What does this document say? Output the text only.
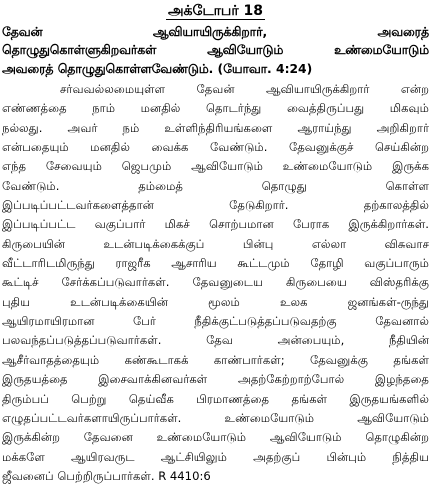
அக்டோபர் 18
தேவன் ஆவியாயிருக்கிறார், அவரைத்
தொழுதுகொள்ளுகிறவர்கள் ஆவியோடும் உண்மையோடும்
அவரைத் தொழுதுகொள்ளவேண்டும். (யோவா. 4:24)
சர்வவல்லமையுள்ள தேவன் ஆவியாயிருக்கிறார் என்ற
எண்ணத்தை நாம் மனதில் தொடர்ந்து வைத்திருப்பது மிகவும்
நல்லது. அவர் நம் உள்ளிந்திரியங்களை ஆராய்ந்து அறிகிறார்
என்பதையும் மனதில் வைக்க வேண்டும். தேவனுக்குச் செய்கின்ற
எந்த சேவையும் ஜெபமும் ஆவியோடும் உண்மையோடும் இருக்க
வேண்டும். தம்மைத் தொழுது கொள்ள
இப்படிப்பட்டவர்களைத்தான் தேடுகிறார். தற்காலத்தில்
இப்படிப்பட்ட வகுப்பார் மிகச் சொற்பமான பேராக இருக்கிறார்கள்.
கிருபையின் உடன்படிக்கைக்குப் பின்பு எல்லா விசுவாச
வீட்டாரிடமிருந்து ராஜரீக ஆசாரிய கூட்டமும் தோழி வகுப்பாரும்
கூட்டிச் சேர்க்கப்படுவார்கள். தேவனுடைய கிருபையை விஸ்தரிக்கு
புதிய உடன்படிக்கையின் மூலம் உலக ஜனங்கள்-ருந்து
ஆயிரமாயிரமான பேர் நீதிக்குட்படுத்தப்படுவதற்கு தேவனால்
பலவந்தப்படுத்தப்படுவார்கள். தேவ அன்பையும், நீதியின்
ஆசீர்வாதத்தையும் கண்கூடாகக் காண்பார்கள்; தேவனுக்கு தங்கள்
இருதயத்தை இசைவாக்கினவர்கள் அதற்கேற்றாற்போல் இழந்ததை
திரும்பப் பெற்று தெய்வீக பிரமாணத்தை தங்கள் இருதயங்களில்
எழுதப்பட்டவர்களாயிருப்பார்கள். உண்மையோடும் ஆவியோடும்
இருக்கின்ற தேவனை உண்மையோடும் ஆவியோடும் தொழுகின்ற
மக்களே ஆயிரவருட ஆட்சியிலும் அதற்குப் பின்பும் நித்திய
ஜீவனைப் பெற்றிருப்பார்கள். R 4410:6
